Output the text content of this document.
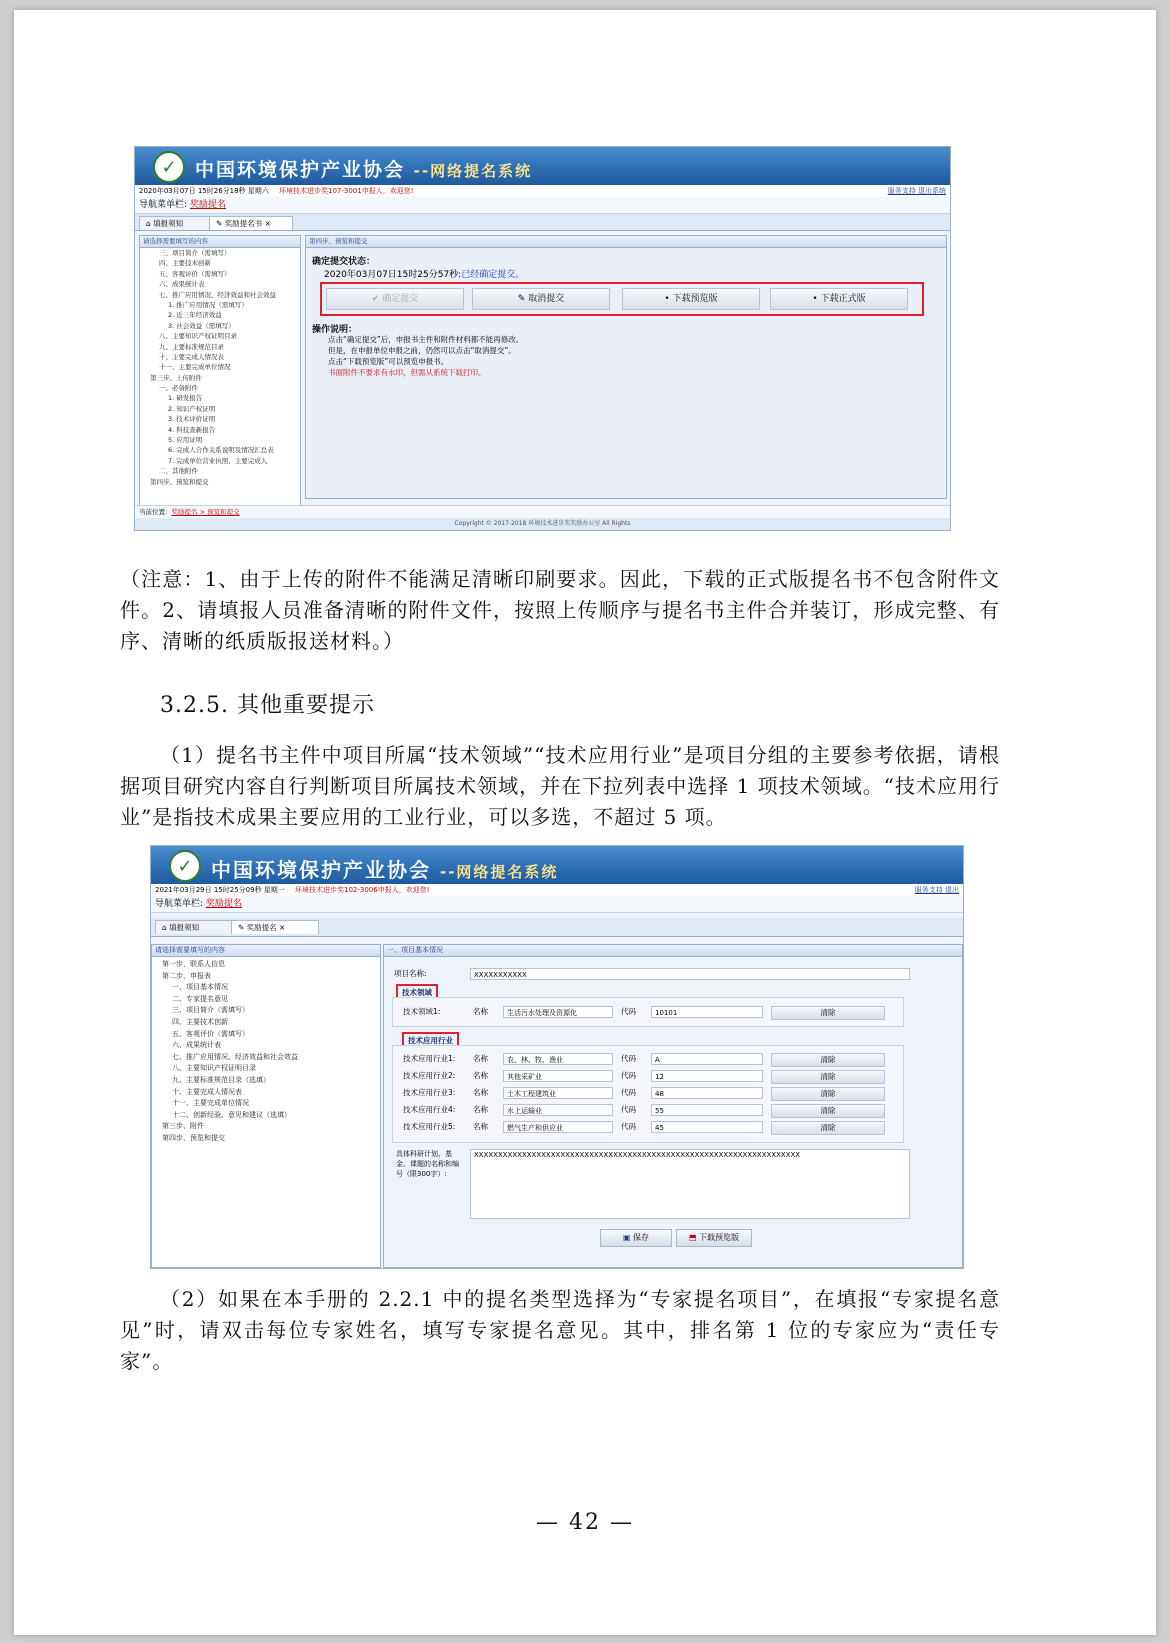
✓ 中国环境保护产业协会 --网络提名系统
2020年03月07日 15时26分18秒 星期六 环境技术进步奖107-3001申报人，欢迎您!	服务支持 退出系统
导航菜单栏: 奖励提名
⌂ 填报须知	✎ 奖励提名书 ×
请选择需要填写的内容
三、项目简介（需填写）
四、主要技术创新
五、客观评价（需填写）
六、成果统计表
七、推广应用情况、经济效益和社会效益
1. 推广应用情况（需填写）
2. 近三年经济效益
3. 社会效益（需填写）
八、主要知识产权证明目录
九、主要标准规范目录
十、主要完成人情况表
十一、主要完成单位情况
第三步、上传附件
一、必备附件
1. 研发报告
2. 知识产权证明
3. 技术评价证明
4. 科技查新报告
5. 应用证明
6. 完成人合作关系说明及情况汇总表
7. 完成单位营业执照、主要完成人
二、其他附件
第四步、预览和提交
第四步、预览和提交
确定提交状态：
2020年03月07日15时25分57秒:已经确定提交。
✔ 确定提交	✎ 取消提交	• 下载预览版	• 下载正式版
操作说明：
点击“确定提交”后，申报书主件和附件材料都不能再修改。
但是，在申报单位申报之前，仍然可以点击“取消提交”。
点击“下载预览版”可以预览申报书。
书面附件不要求有水印，但需从系统下载打印。
当前位置：奖励提名 > 预览和提交
Copyright © 2017-2018 环境技术进步奖奖励办公室 All Rights
（注意：1、由于上传的附件不能满足清晰印刷要求。因此，下载的正式版提名书不包含附件文件。2、请填报人员准备清晰的附件文件，按照上传顺序与提名书主件合并装订，形成完整、有序、清晰的纸质版报送材料。）
3.2.5. 其他重要提示
（1）提名书主件中项目所属“技术领域”“技术应用行业”是项目分组的主要参考依据，请根据项目研究内容自行判断项目所属技术领域，并在下拉列表中选择 1 项技术领域。“技术应用行业”是指技术成果主要应用的工业行业，可以多选，不超过 5 项。
✓ 中国环境保护产业协会 --网络提名系统
2021年03月29日 15时25分09秒 星期一 环境技术进步奖102-3006申报人，欢迎您!	服务支持 退出
导航菜单栏: 奖励提名
⌂ 填报须知	✎ 奖励提名 ×
请选择需要填写的内容
第一步、联系人信息
第二步、申报表
一、项目基本情况
二、专家提名意见
三、项目简介（需填写）
四、主要技术创新
五、客观评价（需填写）
六、成果统计表
七、推广应用情况、经济效益和社会效益
八、主要知识产权证明目录
九、主要标准规范目录（选填）
十、主要完成人情况表
十一、主要完成单位情况
十二、创新经验、意见和建议（选填）
第三步、附件
第四步、预览和提交
一、项目基本情况
项目名称:	XXXXXXXXXXX
技术领域
技术领域1:	名称	生活污水处理及资源化	代码	10101	清除
技术应用行业
技术应用行业1: 名称	农、林、牧、渔业	代码	A	清除
技术应用行业2: 名称	其他采矿业	代码	12	清除
技术应用行业3: 名称	土木工程建筑业	代码	48	清除
技术应用行业4: 名称	水上运输业	代码	55	清除
技术应用行业5: 名称	燃气生产和供应业	代码	45	清除
具体科研计划、基金、课题的名称和编号（限300字）:
XXXXXXXXXXXXXXXXXXXXXXXXXXXXXXXXXXXXXXXXXXXXXXXXXXXXXXXXXXXXXXXXXXXX
▣ 保存	⬒ 下载预览版
（2）如果在本手册的 2.2.1 中的提名类型选择为“专家提名项目”，在填报“专家提名意见”时，请双击每位专家姓名，填写专家提名意见。其中，排名第 1 位的专家应为“责任专家”。
— 42 —
